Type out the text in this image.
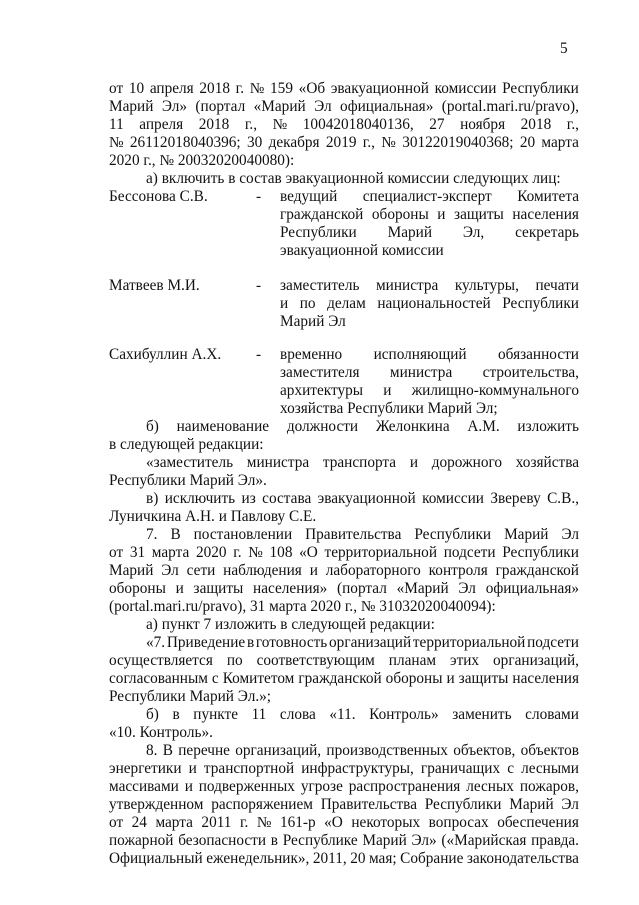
5
от 10 апреля 2018 г. № 159 «Об эвакуационной комиссии Республики
Марий Эл» (портал «Марий Эл официальная» (portal.mari.ru/pravo),
11 апреля 2018 г., № 10042018040136, 27 ноября 2018 г.,
№ 26112018040396; 30 декабря 2019 г., № 30122019040368; 20 марта
2020 г., № 20032020040080):
а) включить в состав эвакуационной комиссии следующих лиц:
Бессонова С.В.	- ведущий специалист-эксперт Комитета
гражданской обороны и защиты населения
Республики Марий Эл, секретарь
эвакуационной комиссии
Матвеев М.И.	- заместитель министра культуры, печати
и по делам национальностей Республики
Марий Эл
Сахибуллин А.Х. - временно исполняющий обязанности
заместителя министра строительства,
архитектуры и жилищно-коммунального
хозяйства Республики Марий Эл;
б) наименование должности Желонкина А.М. изложить
в следующей редакции:
«заместитель министра транспорта и дорожного хозяйства
Республики Марий Эл».
в) исключить из состава эвакуационной комиссии Звереву С.В.,
Луничкина А.Н. и Павлову С.Е.
7. В постановлении Правительства Республики Марий Эл
от 31 марта 2020 г. № 108 «О территориальной подсети Республики
Марий Эл сети наблюдения и лабораторного контроля гражданской
обороны и защиты населения» (портал «Марий Эл официальная»
(portal.mari.ru/pravo), 31 марта 2020 г., № 31032020040094):
а) пункт 7 изложить в следующей редакции:
«7. Приведение в готовность организаций территориальной подсети
осуществляется по соответствующим планам этих организаций,
согласованным с Комитетом гражданской обороны и защиты населения
Республики Марий Эл.»;
б) в пункте 11 слова «11. Контроль» заменить словами
«10. Контроль».
8. В перечне организаций, производственных объектов, объектов
энергетики и транспортной инфраструктуры, граничащих с лесными
массивами и подверженных угрозе распространения лесных пожаров,
утвержденном распоряжением Правительства Республики Марий Эл
от 24 марта 2011 г. № 161-р «О некоторых вопросах обеспечения
пожарной безопасности в Республике Марий Эл» («Марийская правда.
Официальный еженедельник», 2011, 20 мая; Собрание законодательства
